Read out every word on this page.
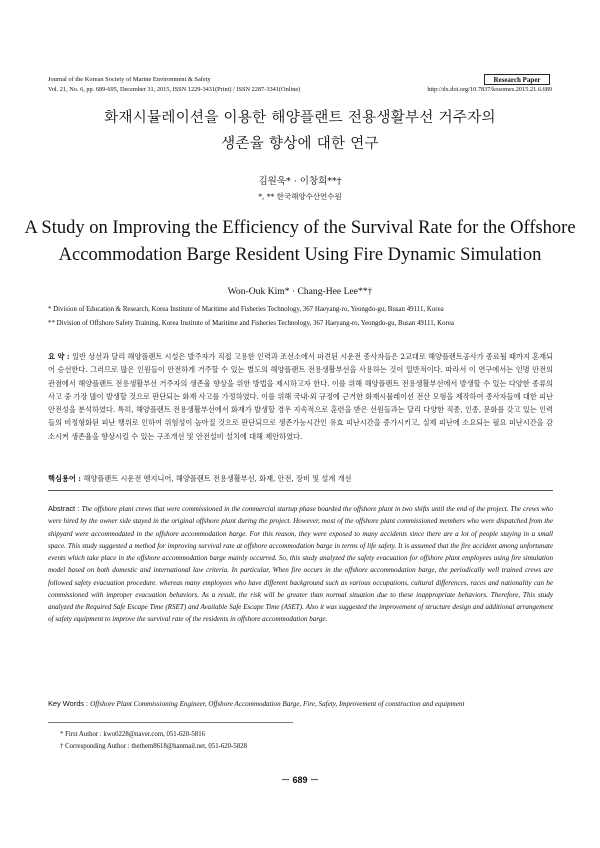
Journal of the Korean Society of Marine Environment & Safety	Research Paper
Vol. 21, No. 6, pp. 689-695, December 31, 2015, ISSN 1229-3431(Print) / ISSN 2287-3341(Online)	http://dx.doi.org/10.7837/kosomes.2015.21.6.689
화재시뮬레이션을 이용한 해양플랜트 전용생활부선 거주자의
생존율 향상에 대한 연구
김원욱* · 이창희**†
*, ** 한국해양수산연수원
A Study on Improving the Efficiency of the Survival Rate for the Offshore
Accommodation Barge Resident Using Fire Dynamic Simulation
Won-Ouk Kim* · Chang-Hee Lee**†
* Division of Education & Research, Korea Institute of Maritime and Fisheries Technology, 367 Haeyang-ro, Yeongdo-gu, Busan 49111, Korea
** Division of Offshore Safety Training, Korea Institute of Maritime and Fisheries Technology, 367 Haeyang-ro, Yeongdo-gu, Busan 49111, Korea
요 약 : 일반 상선과 달리 해양플랜트 시설은 발주자가 직접 고용한 인력과 조선소에서 파견된 시운전 종사자들은 2교대로 해양플랜트공사가 종료될 때까지 혼재되어 승선한다. 그러므로 많은 인원들이 안전하게 거주할 수 있는 별도의 해양플랜트 전용생활부선을 사용하는 것이 일반적이다. 따라서 이 연구에서는 인명 안전의 관점에서 해양플랜트 전용생활부선 거주자의 생존율 향상을 위한 방법을 제시하고자 한다. 이를 위해 해양플랜트 전용생활부선에서 발생할 수 있는 다양한 종류의 사고 중 가장 많이 발생할 것으로 판단되는 화재 사고를 가정하였다. 이를 위해 국내·외 규정에 근거한 화재시뮬레이션 전산 모형을 제작하여 종사자들에 대한 피난 안전성을 분석하였다. 특히, 해양플랜트 전용생활부선에서 화재가 발생할 경우 지속적으로 훈련을 받은 선원들과는 달리 다양한 직종, 인종, 문화를 갖고 있는 인력들의 비정형화된 피난 행위로 인하여 위험성이 높아질 것으로 판단되므로 생존가능시간인 유효 피난시간을 증가시키고, 실제 피난에 소요되는 필요 피난시간을 감소시켜 생존율을 향상시킬 수 있는 구조개선 및 안전설비 설치에 대해 제안하였다.
핵심용어 : 해양플랜트 시운전 엔지니어, 해양플랜트 전용생활부선, 화재, 안전, 장비 및 설계 개선
Abstract : The offshore plant crews that were commissioned in the commercial startup phase boarded the offshore plant in two shifts until the end of the project. The crews who were hired by the owner side stayed in the original offshore plant during the project. However, most of the offshore plant commissioned members who were dispatched from the shipyard were accommodated in the offshore accommodation barge. For this reason, they were exposed to many accidents since there are a lot of people staying in a small space. This study suggested a method for improving survival rate at offshore accommodation barge in terms of life safety. It is assumed that the fire accident among unfortunate events which take place in the offshore accommodation barge mainly occurred. So, this study analyzed the safety evacuation for offshore plant employees using fire simulation model based on both domestic and international law criteria. In particular, When fire occurs in the offshore accommodation barge, the periodically well trained crews are followed safety evacuation procedure. whereas many employees who have different background such as various occupations, cultural differences, races and nationality can be commissioned with improper evacuation behaviors. As a result, the risk will be greater than normal situation due to these inappropriate behaviors. Therefore, This study analyzed the Required Safe Escape Time (RSET) and Available Safe Escape Time (ASET). Also it was suggested the improvement of structure design and additional arrangement of safety equipment to improve the survival rate of the residents in offshore accommodation barge.
Key Words : Offshore Plant Commissioning Engineer, Offshore Accommodation Barge, Fire, Safety, Improvement of construction and equipment
* First Author : kwo0228@naver.com, 051-620-5816
† Corresponding Author : thethem8618@hanmail.net, 051-620-5828
－ 689 －
